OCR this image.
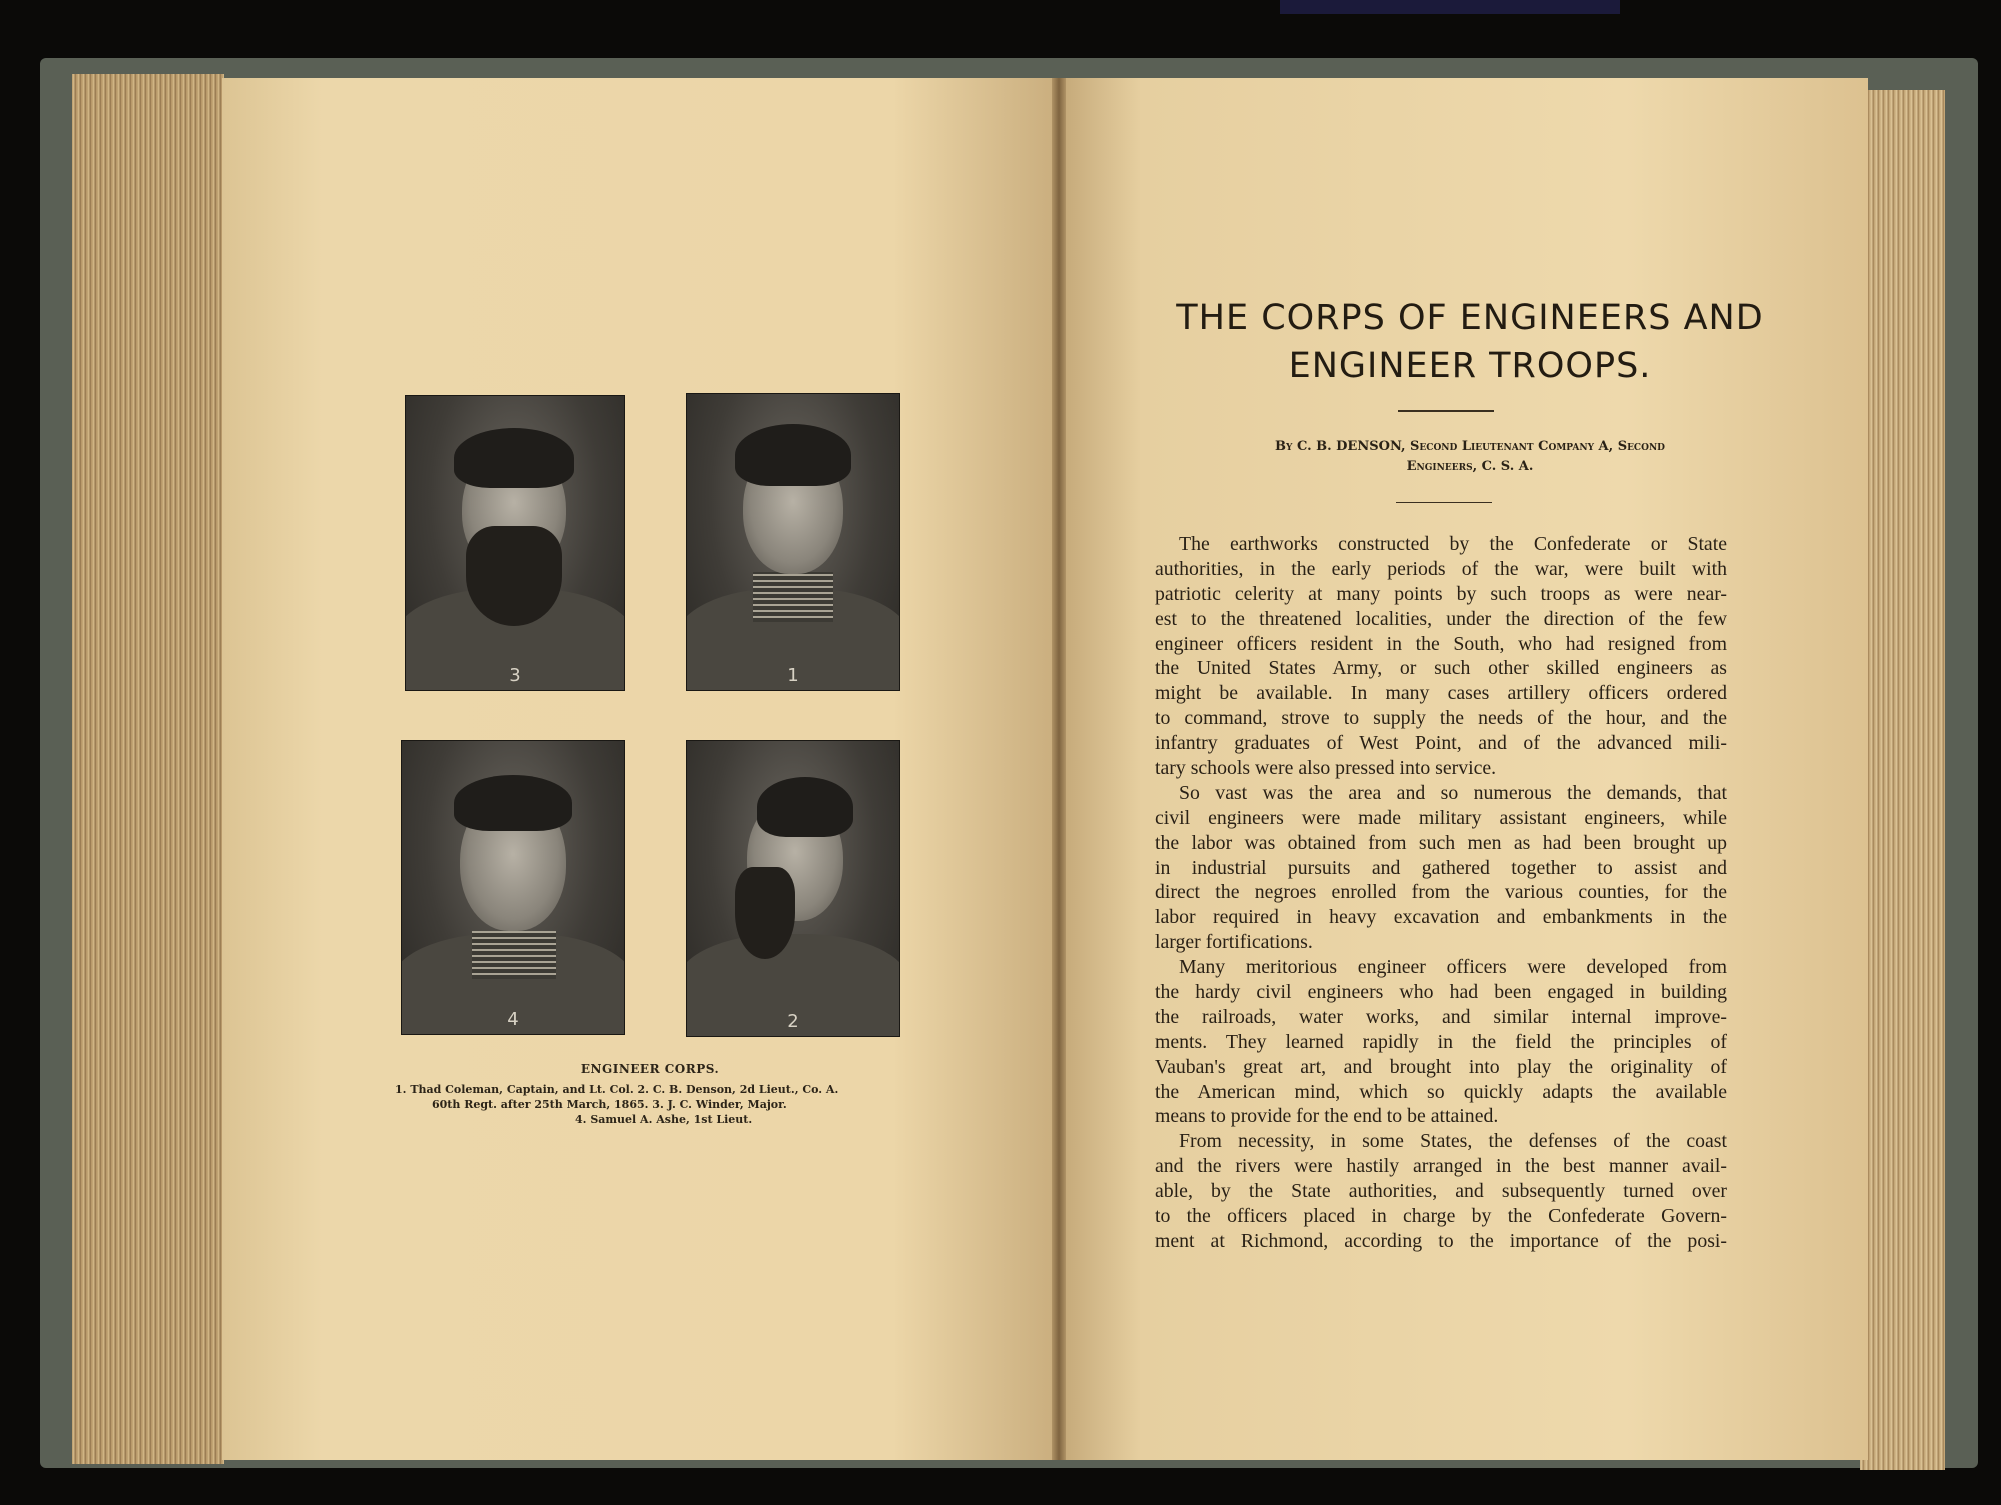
3	1
4	2
ENGINEER CORPS.
1. Thad Coleman, Captain, and Lt. Col. 2. C. B. Denson, 2d Lieut., Co. A.
60th Regt. after 25th March, 1865. 3. J. C. Winder, Major.
4. Samuel A. Ashe, 1st Lieut.
THE CORPS OF ENGINEERS AND
ENGINEER TROOPS.
By C. B. DENSON, Second Lieutenant Company A, Second
Engineers, C. S. A.
The earthworks constructed by the Confederate or State
authorities, in the early periods of the war, were built with
patriotic celerity at many points by such troops as were near-
est to the threatened localities, under the direction of the few
engineer officers resident in the South, who had resigned from
the United States Army, or such other skilled engineers as
might be available. In many cases artillery officers ordered
to command, strove to supply the needs of the hour, and the
infantry graduates of West Point, and of the advanced mili-
tary schools were also pressed into service.
So vast was the area and so numerous the demands, that
civil engineers were made military assistant engineers, while
the labor was obtained from such men as had been brought up
in industrial pursuits and gathered together to assist and
direct the negroes enrolled from the various counties, for the
labor required in heavy excavation and embankments in the
larger fortifications.
Many meritorious engineer officers were developed from
the hardy civil engineers who had been engaged in building
the railroads, water works, and similar internal improve-
ments. They learned rapidly in the field the principles of
Vauban's great art, and brought into play the originality of
the American mind, which so quickly adapts the available
means to provide for the end to be attained.
From necessity, in some States, the defenses of the coast
and the rivers were hastily arranged in the best manner avail-
able, by the State authorities, and subsequently turned over
to the officers placed in charge by the Confederate Govern-
ment at Richmond, according to the importance of the posi-
